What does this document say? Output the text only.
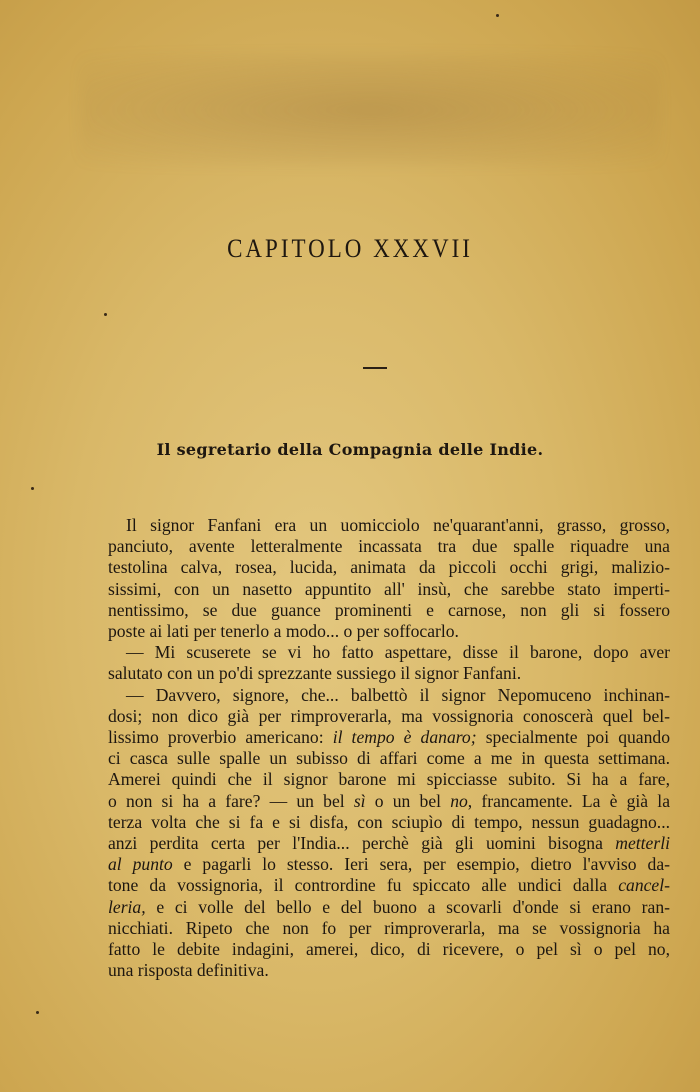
CAPITOLO XXXVII
Il segretario della Compagnia delle Indie.
Il signor Fanfani era un uomicciolo ne'quarant'anni, grasso, grosso,
panciuto, avente letteralmente incassata tra due spalle riquadre una
testolina calva, rosea, lucida, animata da piccoli occhi grigi, malizio-
sissimi, con un nasetto appuntito all' insù, che sarebbe stato imperti-
nentissimo, se due guance prominenti e carnose, non gli si fossero
poste ai lati per tenerlo a modo... o per soffocarlo.
— Mi scuserete se vi ho fatto aspettare, disse il barone, dopo aver
salutato con un po'di sprezzante sussiego il signor Fanfani.
— Davvero, signore, che... balbettò il signor Nepomuceno inchinan-
dosi; non dico già per rimproverarla, ma vossignoria conoscerà quel bel-
lissimo proverbio americano: il tempo è danaro; specialmente poi quando
ci casca sulle spalle un subisso di affari come a me in questa settimana.
Amerei quindi che il signor barone mi spicciasse subito. Si ha a fare,
o non si ha a fare? — un bel sì o un bel no, francamente. La è già la
terza volta che si fa e si disfa, con sciupìo di tempo, nessun guadagno...
anzi perdita certa per l'India... perchè già gli uomini bisogna metterli
al punto e pagarli lo stesso. Ieri sera, per esempio, dietro l'avviso da-
tone da vossignoria, il contrordine fu spiccato alle undici dalla cancel-
leria, e ci volle del bello e del buono a scovarli d'onde si erano ran-
nicchiati. Ripeto che non fo per rimproverarla, ma se vossignoria ha
fatto le debite indagini, amerei, dico, di ricevere, o pel sì o pel no,
una risposta definitiva.
